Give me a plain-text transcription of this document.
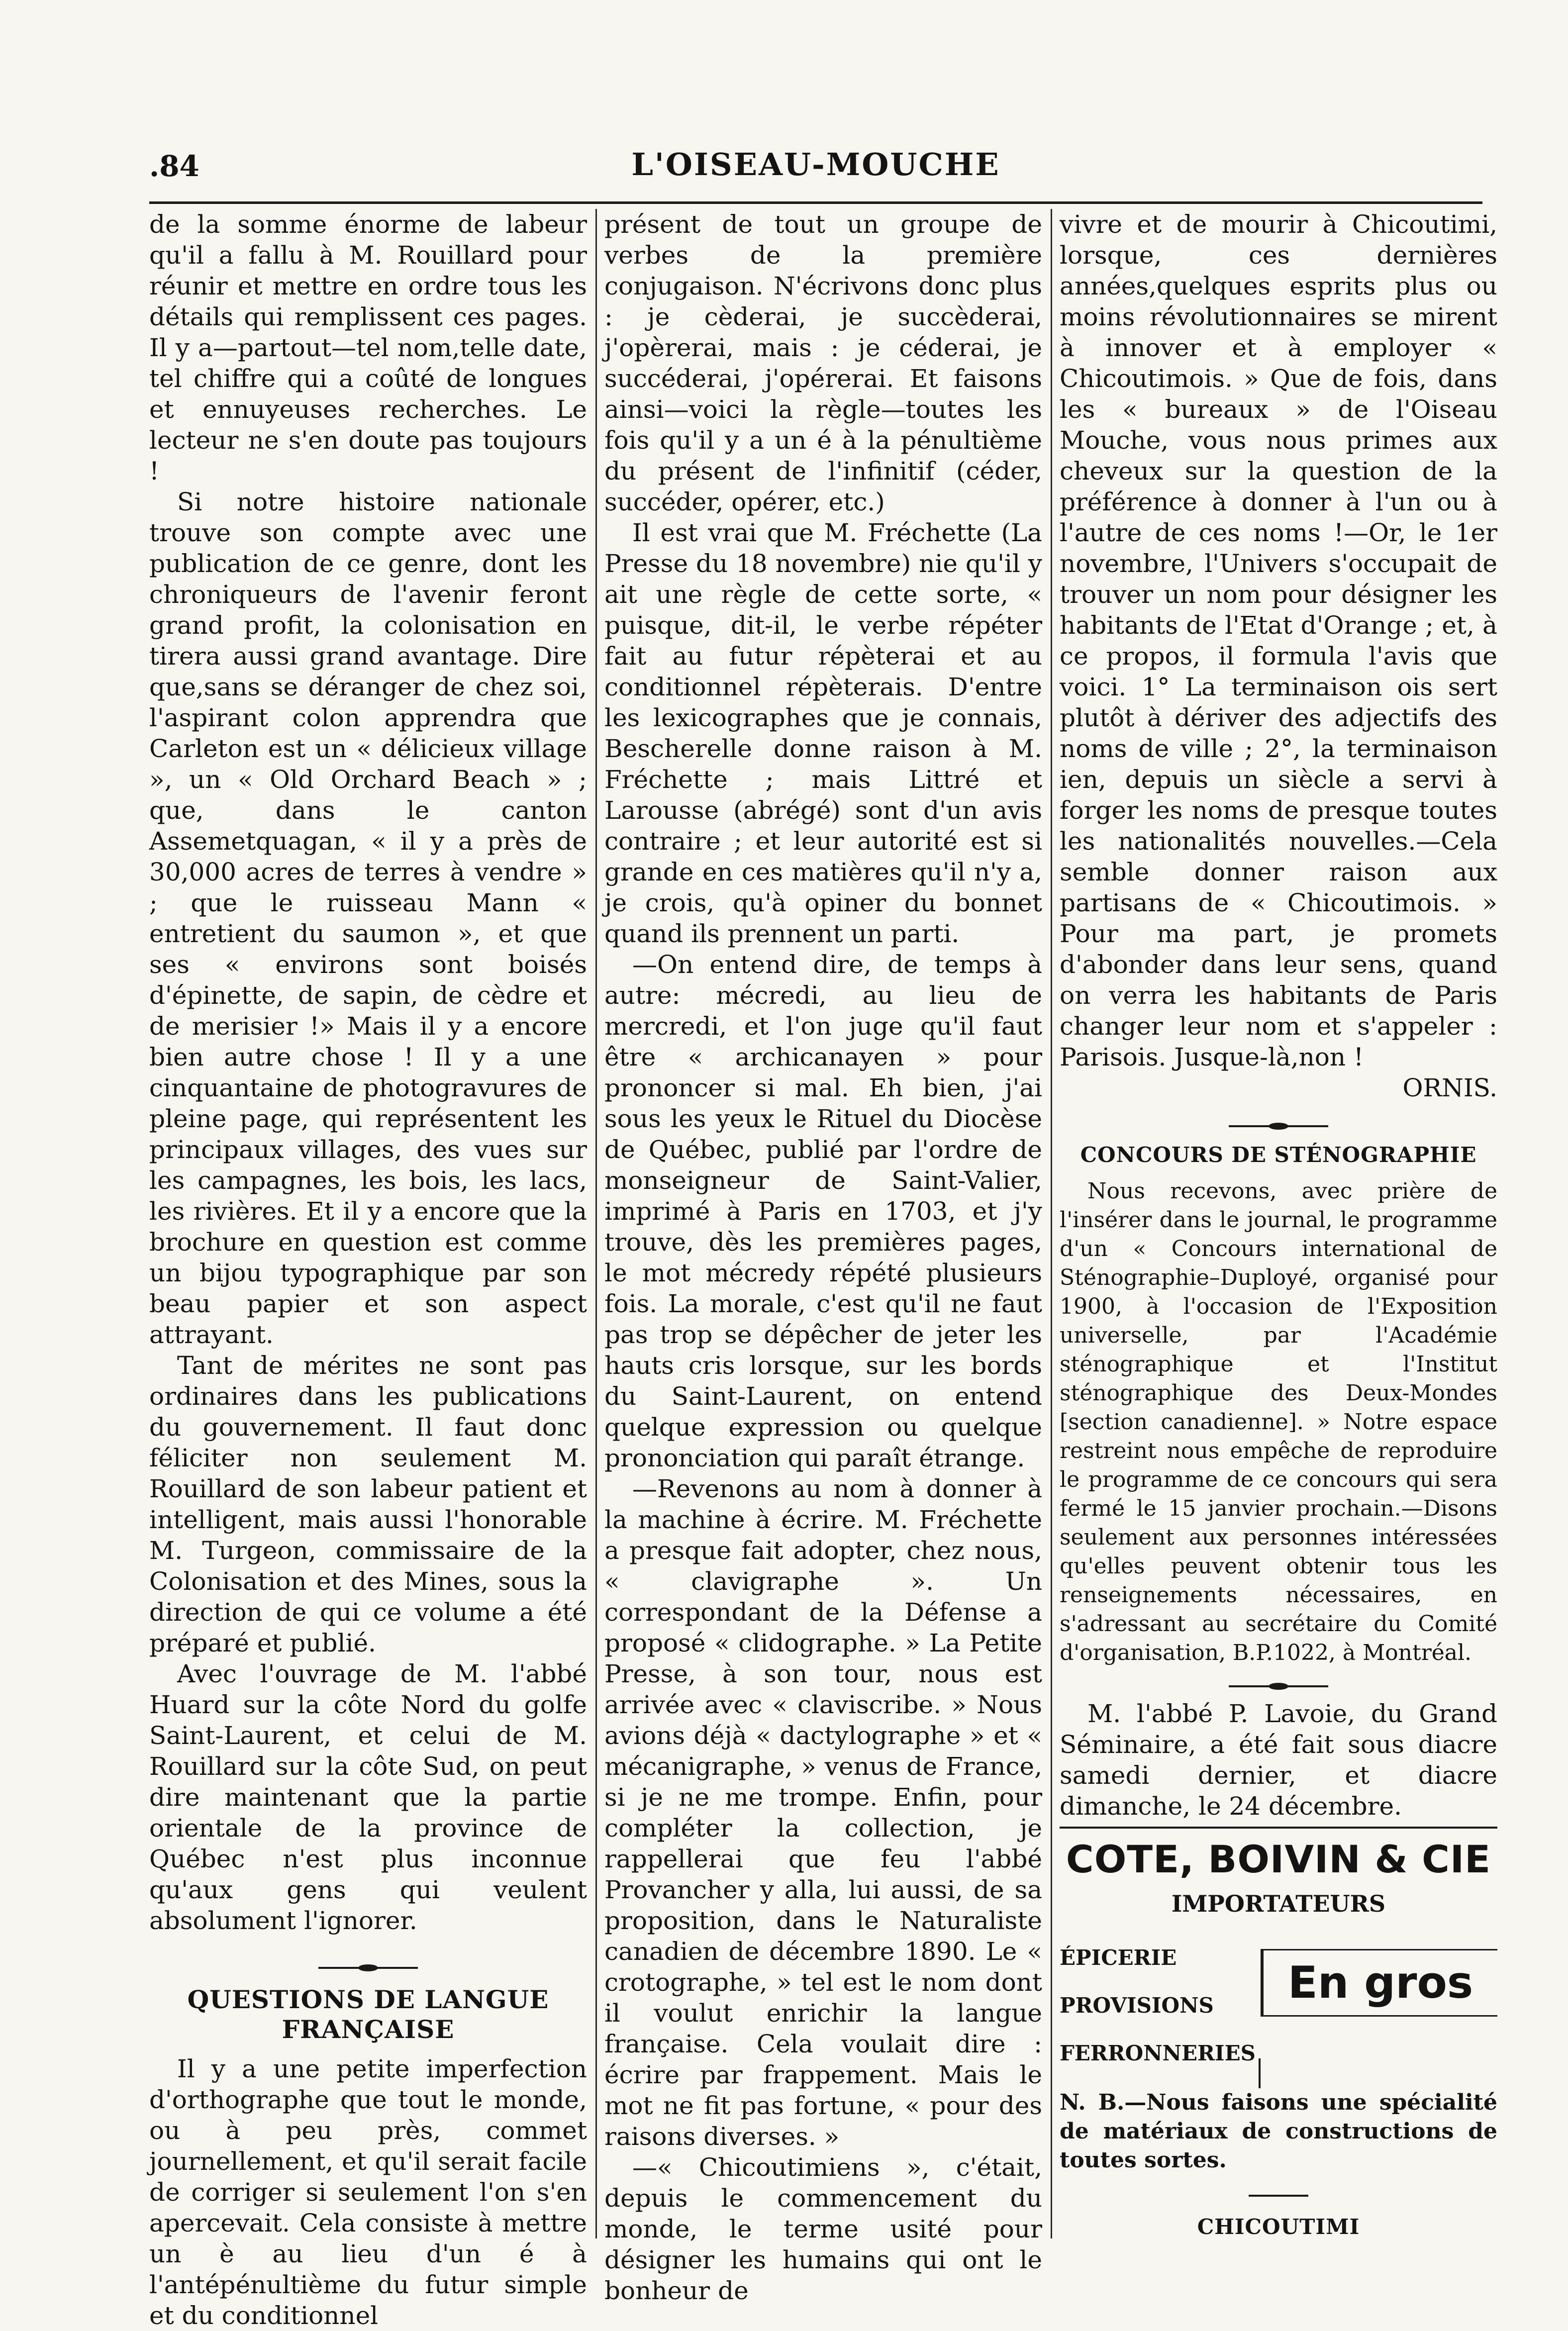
.84	L'OISEAU-MOUCHE

de la somme énorme de labeur qu'il a fallu à M. Rouillard pour réunir et mettre en ordre tous les détails qui remplissent ces pages. Il y a—partout—tel nom,telle date, tel chiffre qui a coûté de longues et ennuyeuses recherches. Le lecteur ne s'en doute pas toujours !

Si notre histoire nationale trouve son compte avec une publication de ce genre, dont les chroniqueurs de l'avenir feront grand profit, la colonisation en tirera aussi grand avantage. Dire que,sans se déranger de chez soi, l'aspirant colon apprendra que Carleton est un « délicieux village », un « Old Orchard Beach » ; que, dans le canton Assemetquagan, « il y a près de 30,000 acres de terres à vendre » ; que le ruisseau Mann « entretient du saumon », et que ses « environs sont boisés d'épinette, de sapin, de cèdre et de merisier !» Mais il y a encore bien autre chose ! Il y a une cinquantaine de photogravures de pleine page, qui représentent les principaux villages, des vues sur les campagnes, les bois, les lacs, les rivières. Et il y a encore que la brochure en question est comme un bijou typographique par son beau papier et son aspect attrayant.

Tant de mérites ne sont pas ordinaires dans les publications du gouvernement. Il faut donc féliciter non seulement M. Rouillard de son labeur patient et intelligent, mais aussi l'honorable M. Turgeon, commissaire de la Colonisation et des Mines, sous la direction de qui ce volume a été préparé et publié.

Avec l'ouvrage de M. l'abbé Huard sur la côte Nord du golfe Saint-Laurent, et celui de M. Rouillard sur la côte Sud, on peut dire maintenant que la partie orientale de la province de Québec n'est plus inconnue qu'aux gens qui veulent absolument l'ignorer.

QUESTIONS DE LANGUE FRANÇAISE

Il y a une petite imperfection d'orthographe que tout le monde, ou à peu près, commet journellement, et qu'il serait facile de corriger si seulement l'on s'en apercevait. Cela consiste à mettre un è au lieu d'un é à l'antépénultième du futur simple et du conditionnel

présent de tout un groupe de verbes de la première conjugaison. N'écrivons donc plus : je cèderai, je succèderai, j'opèrerai, mais : je céderai, je succéderai, j'opérerai. Et faisons ainsi—voici la règle—toutes les fois qu'il y a un é à la pénultième du présent de l'infinitif (céder, succéder, opérer, etc.)

Il est vrai que M. Fréchette (La Presse du 18 novembre) nie qu'il y ait une règle de cette sorte, « puisque, dit-il, le verbe répéter fait au futur répèterai et au conditionnel répèterais. D'entre les lexicographes que je connais, Bescherelle donne raison à M. Fréchette ; mais Littré et Larousse (abrégé) sont d'un avis contraire ; et leur autorité est si grande en ces matières qu'il n'y a, je crois, qu'à opiner du bonnet quand ils prennent un parti.

—On entend dire, de temps à autre: mécredi, au lieu de mercredi, et l'on juge qu'il faut être « archicanayen » pour prononcer si mal. Eh bien, j'ai sous les yeux le Rituel du Diocèse de Québec, publié par l'ordre de monseigneur de Saint-Valier, imprimé à Paris en 1703, et j'y trouve, dès les premières pages, le mot mécredy répété plusieurs fois. La morale, c'est qu'il ne faut pas trop se dépêcher de jeter les hauts cris lorsque, sur les bords du Saint-Laurent, on entend quelque expression ou quelque prononciation qui paraît étrange.

—Revenons au nom à donner à la machine à écrire. M. Fréchette a presque fait adopter, chez nous, « clavigraphe ». Un correspondant de la Défense a proposé « clidographe. » La Petite Presse, à son tour, nous est arrivée avec « claviscribe. » Nous avions déjà « dactylographe » et « mécanigraphe, » venus de France, si je ne me trompe. Enfin, pour compléter la collection, je rappellerai que feu l'abbé Provancher y alla, lui aussi, de sa proposition, dans le Naturaliste canadien de décembre 1890. Le « crotographe, » tel est le nom dont il voulut enrichir la langue française. Cela voulait dire : écrire par frappement. Mais le mot ne fit pas fortune, « pour des raisons diverses. »

—« Chicoutimiens », c'était, depuis le commencement du monde, le terme usité pour désigner les humains qui ont le bonheur de

vivre et de mourir à Chicoutimi, lorsque, ces dernières années,quelques esprits plus ou moins révolutionnaires se mirent à innover et à employer « Chicoutimois. » Que de fois, dans les « bureaux » de l'Oiseau Mouche, vous nous primes aux cheveux sur la question de la préférence à donner à l'un ou à l'autre de ces noms !—Or, le 1er novembre, l'Univers s'occupait de trouver un nom pour désigner les habitants de l'Etat d'Orange ; et, à ce propos, il formula l'avis que voici. 1° La terminaison ois sert plutôt à dériver des adjectifs des noms de ville ; 2°, la terminaison ien, depuis un siècle a servi à forger les noms de presque toutes les nationalités nouvelles.—Cela semble donner raison aux partisans de « Chicoutimois. » Pour ma part, je promets d'abonder dans leur sens, quand on verra les habitants de Paris changer leur nom et s'appeler : Parisois. Jusque-là,non !

ORNIS.

CONCOURS DE STÉNOGRAPHIE

Nous recevons, avec prière de l'insérer dans le journal, le programme d'un « Concours international de Sténographie–Duployé, organisé pour 1900, à l'occasion de l'Exposition universelle, par l'Académie sténographique et l'Institut sténographique des Deux-Mondes [section canadienne]. » Notre espace restreint nous empêche de reproduire le programme de ce concours qui sera fermé le 15 janvier prochain.—Disons seulement aux personnes intéressées qu'elles peuvent obtenir tous les renseignements nécessaires, en s'adressant au secrétaire du Comité d'organisation, B.P.1022, à Montréal.

M. l'abbé P. Lavoie, du Grand Séminaire, a été fait sous diacre samedi dernier, et diacre dimanche, le 24 décembre.

COTE, BOIVIN & CIE
IMPORTATEURS
ÉPICERIE
PROVISIONS
FERRONNERIES
En gros

N. B.—Nous faisons une spécialité de matériaux de constructions de toutes sortes.

CHICOUTIMI
